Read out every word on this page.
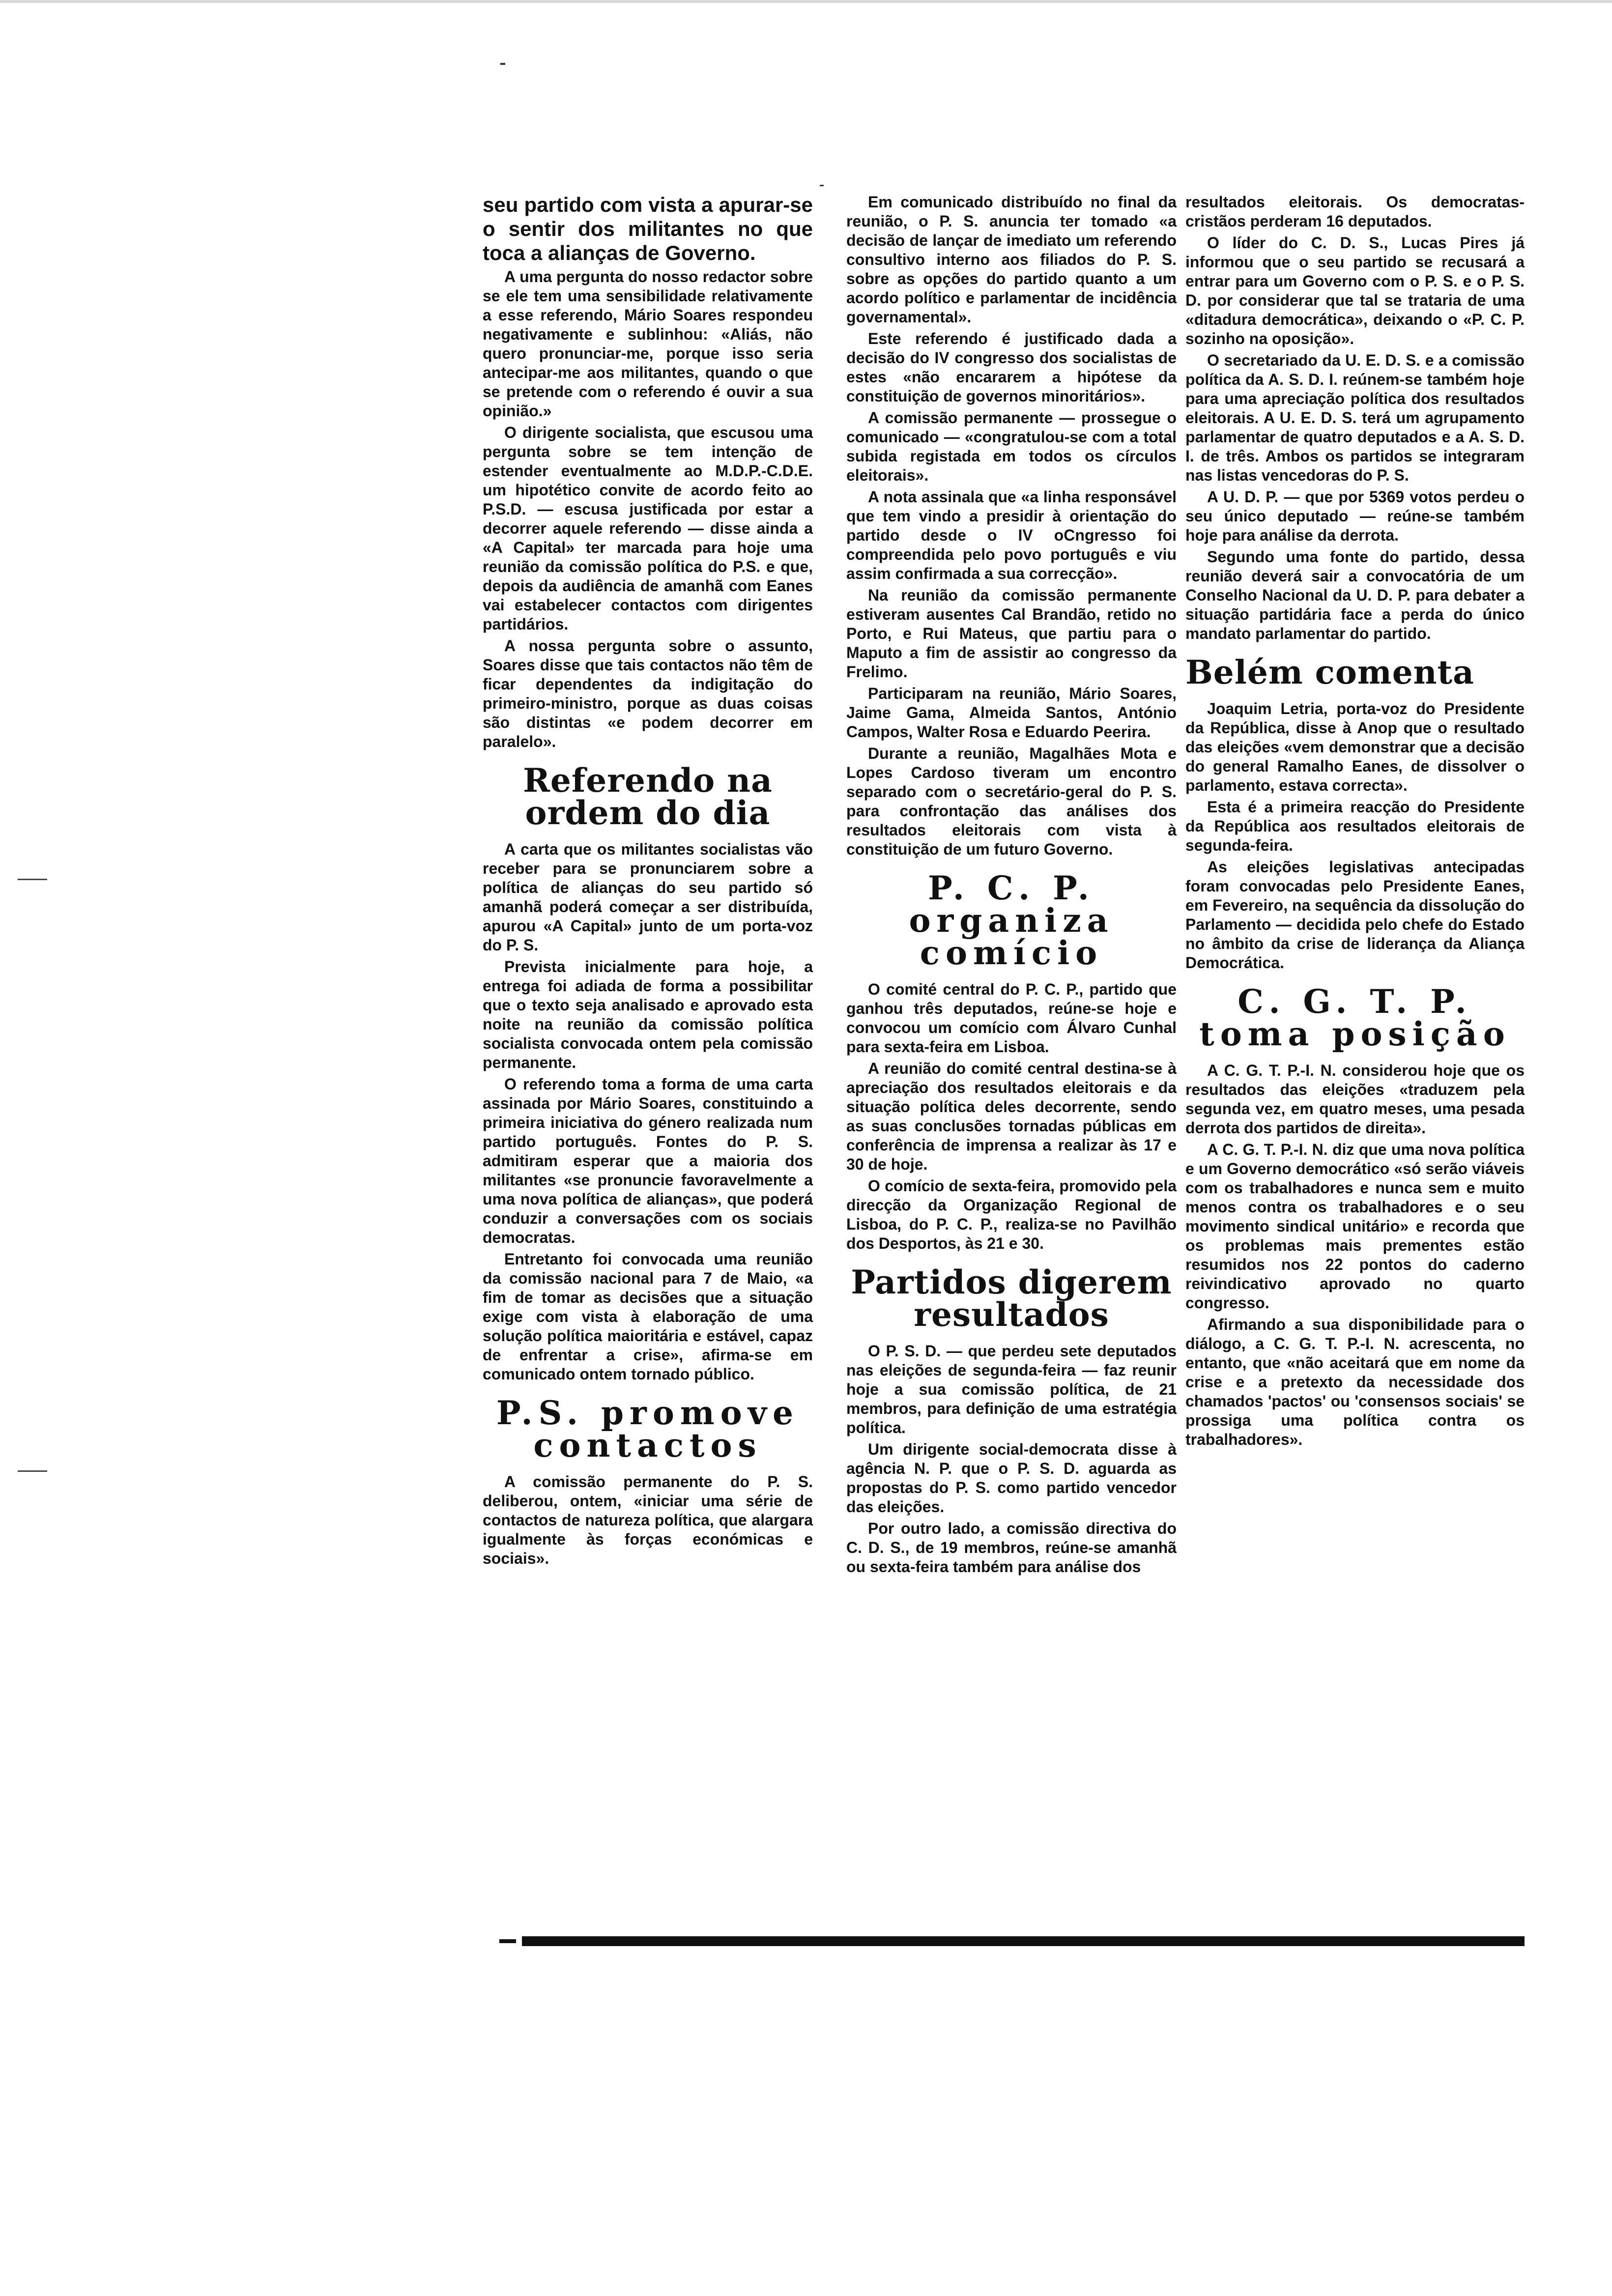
seu partido com vista a apurar-se o sentir dos militantes no que toca a alianças de Governo.

A uma pergunta do nosso redactor sobre se ele tem uma sensibilidade relativamente a esse referendo, Mário Soares respondeu negativamente e sublinhou: «Aliás, não quero pronunciar-me, porque isso seria antecipar-me aos militantes, quando o que se pretende com o referendo é ouvir a sua opinião.»

O dirigente socialista, que escusou uma pergunta sobre se tem intenção de estender eventualmente ao M.D.P.-C.D.E. um hipotético convite de acordo feito ao P.S.D. — escusa justificada por estar a decorrer aquele referendo — disse ainda a «A Capital» ter marcada para hoje uma reunião da comissão política do P.S. e que, depois da audiência de amanhã com Eanes vai estabelecer contactos com dirigentes partidários.

A nossa pergunta sobre o assunto, Soares disse que tais contactos não têm de ficar dependentes da indigitação do primeiro-ministro, porque as duas coisas são distintas «e podem decorrer em paralelo».

Referendo na ordem do dia

A carta que os militantes socialistas vão receber para se pronunciarem sobre a política de alianças do seu partido só amanhã poderá começar a ser distribuída, apurou «A Capital» junto de um porta-voz do P. S.

Prevista inicialmente para hoje, a entrega foi adiada de forma a possibilitar que o texto seja analisado e aprovado esta noite na reunião da comissão política socialista convocada ontem pela comissão permanente.

O referendo toma a forma de uma carta assinada por Mário Soares, constituindo a primeira iniciativa do género realizada num partido português. Fontes do P. S. admitiram esperar que a maioria dos militantes «se pronuncie favoravelmente a uma nova política de alianças», que poderá conduzir a conversações com os sociais democratas.

Entretanto foi convocada uma reunião da comissão nacional para 7 de Maio, «a fim de tomar as decisões que a situação exige com vista à elaboração de uma solução política maioritária e estável, capaz de enfrentar a crise», afirma-se em comunicado ontem tornado público.

P.S. promove contactos

A comissão permanente do P. S. deliberou, ontem, «iniciar uma série de contactos de natureza política, que alargara igualmente às forças económicas e sociais».

Em comunicado distribuído no final da reunião, o P. S. anuncia ter tomado «a decisão de lançar de imediato um referendo consultivo interno aos filiados do P. S. sobre as opções do partido quanto a um acordo político e parlamentar de incidência governamental».

Este referendo é justificado dada a decisão do IV congresso dos socialistas de estes «não encararem a hipótese da constituição de governos minoritários».

A comissão permanente — prossegue o comunicado — «congratulou-se com a total subida registada em todos os círculos eleitorais».

A nota assinala que «a linha responsável que tem vindo a presidir à orientação do partido desde o IV oCngresso foi compreendida pelo povo português e viu assim confirmada a sua correcção».

Na reunião da comissão permanente estiveram ausentes Cal Brandão, retido no Porto, e Rui Mateus, que partiu para o Maputo a fim de assistir ao congresso da Frelimo.

Participaram na reunião, Mário Soares, Jaime Gama, Almeida Santos, António Campos, Walter Rosa e Eduardo Peerira.

Durante a reunião, Magalhães Mota e Lopes Cardoso tiveram um encontro separado com o secretário-geral do P. S. para confrontação das análises dos resultados eleitorais com vista à constituição de um futuro Governo.

P. C. P. organiza comício

O comité central do P. C. P., partido que ganhou três deputados, reúne-se hoje e convocou um comício com Álvaro Cunhal para sexta-feira em Lisboa.

A reunião do comité central destina-se à apreciação dos resultados eleitorais e da situação política deles decorrente, sendo as suas conclusões tornadas públicas em conferência de imprensa a realizar às 17 e 30 de hoje.

O comício de sexta-feira, promovido pela direcção da Organização Regional de Lisboa, do P. C. P., realiza-se no Pavilhão dos Desportos, às 21 e 30.

Partidos digerem resultados

O P. S. D. — que perdeu sete deputados nas eleições de segunda-feira — faz reunir hoje a sua comissão política, de 21 membros, para definição de uma estratégia política.

Um dirigente social-democrata disse à agência N. P. que o P. S. D. aguarda as propostas do P. S. como partido vencedor das eleições.

Por outro lado, a comissão directiva do C. D. S., de 19 membros, reúne-se amanhã ou sexta-feira também para análise dos

resultados eleitorais. Os democratas-cristãos perderam 16 deputados.

O líder do C. D. S., Lucas Pires já informou que o seu partido se recusará a entrar para um Governo com o P. S. e o P. S. D. por considerar que tal se trataria de uma «ditadura democrática», deixando o «P. C. P. sozinho na oposição».

O secretariado da U. E. D. S. e a comissão política da A. S. D. I. reúnem-se também hoje para uma apreciação política dos resultados eleitorais. A U. E. D. S. terá um agrupamento parlamentar de quatro deputados e a A. S. D. I. de três. Ambos os partidos se integraram nas listas vencedoras do P. S.

A U. D. P. — que por 5369 votos perdeu o seu único deputado — reúne-se também hoje para análise da derrota.

Segundo uma fonte do partido, dessa reunião deverá sair a convocatória de um Conselho Nacional da U. D. P. para debater a situação partidária face a perda do único mandato parlamentar do partido.

Belém comenta

Joaquim Letria, porta-voz do Presidente da República, disse à Anop que o resultado das eleições «vem demonstrar que a decisão do general Ramalho Eanes, de dissolver o parlamento, estava correcta».

Esta é a primeira reacção do Presidente da República aos resultados eleitorais de segunda-feira.

As eleições legislativas antecipadas foram convocadas pelo Presidente Eanes, em Fevereiro, na sequência da dissolução do Parlamento — decidida pelo chefe do Estado no âmbito da crise de liderança da Aliança Democrática.

C. G. T. P. toma posição

A C. G. T. P.-I. N. considerou hoje que os resultados das eleições «traduzem pela segunda vez, em quatro meses, uma pesada derrota dos partidos de direita».

A C. G. T. P.-I. N. diz que uma nova política e um Governo democrático «só serão viáveis com os trabalhadores e nunca sem e muito menos contra os trabalhadores e o seu movimento sindical unitário» e recorda que os problemas mais prementes estão resumidos nos 22 pontos do caderno reivindicativo aprovado no quarto congresso.

Afirmando a sua disponibilidade para o diálogo, a C. G. T. P.-I. N. acrescenta, no entanto, que «não aceitará que em nome da crise e a pretexto da necessidade dos chamados 'pactos' ou 'consensos sociais' se prossiga uma política contra os trabalhadores».
